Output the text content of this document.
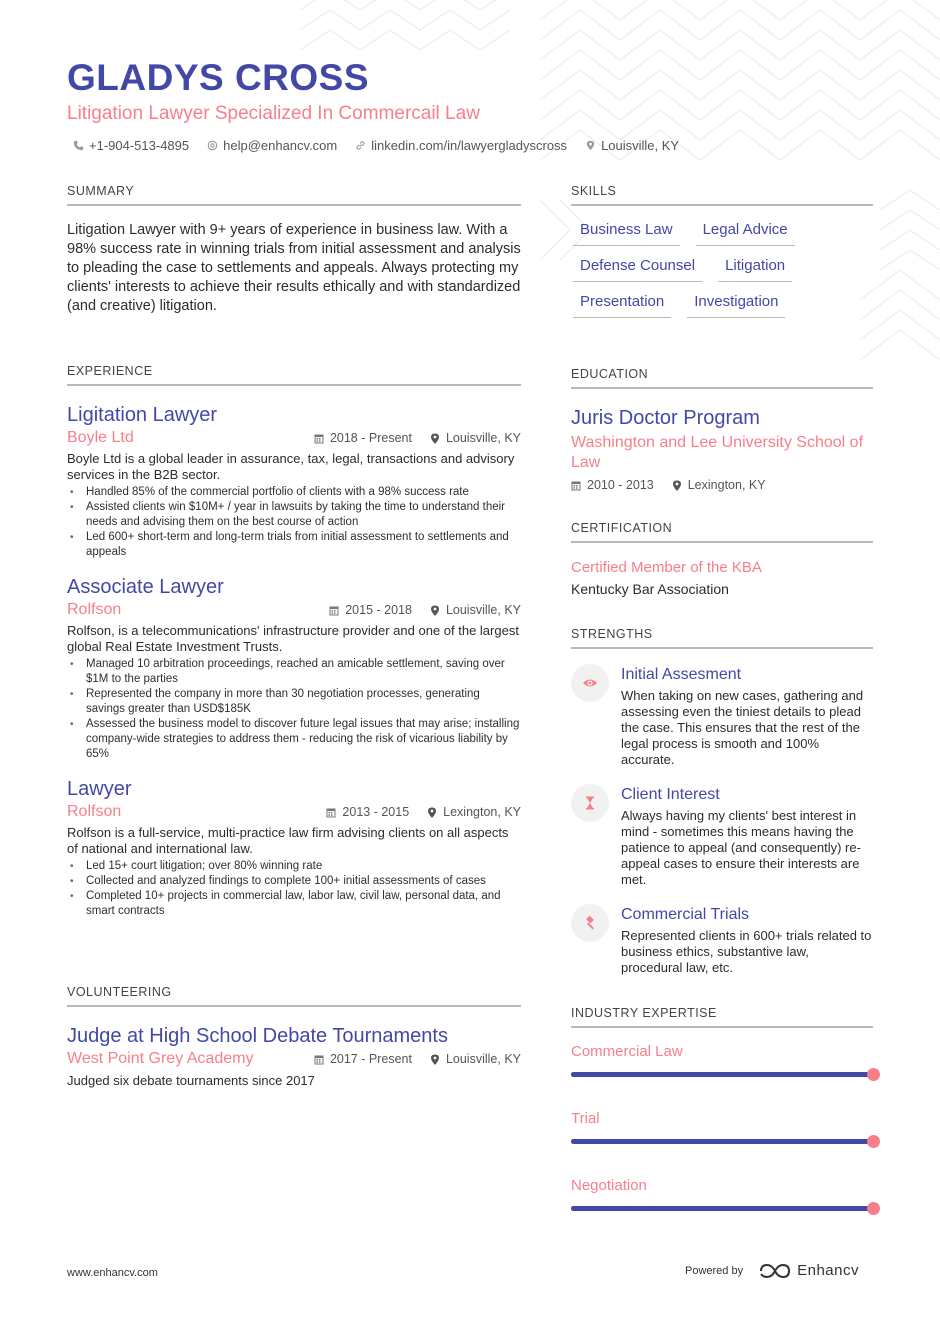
GLADYS CROSS
Litigation Lawyer Specialized In Commercail Law
+1-904-513-4895	help@enhancv.com	linkedin.com/in/lawyergladyscross	Louisville, KY
SUMMARY
Litigation Lawyer with 9+ years of experience in business law. With a 98% success rate in winning trials from initial assessment and analysis to pleading the case to settlements and appeals. Always protecting my clients' interests to achieve their results ethically and with standardized (and creative) litigation.
EXPERIENCE
Ligitation Lawyer
Boyle Ltd	2018 - Present	Louisville, KY
Boyle Ltd is a global leader in assurance, tax, legal, transactions and advisory services in the B2B sector.
• Handled 85% of the commercial portfolio of clients with a 98% success rate
• Assisted clients win $10M+ / year in lawsuits by taking the time to understand their needs and advising them on the best course of action
• Led 600+ short-term and long-term trials from initial assessment to settlements and appeals
Associate Lawyer
Rolfson	2015 - 2018	Louisville, KY
Rolfson, is a telecommunications' infrastructure provider and one of the largest global Real Estate Investment Trusts.
• Managed 10 arbitration proceedings, reached an amicable settlement, saving over $1M to the parties
• Represented the company in more than 30 negotiation processes, generating savings greater than USD$185K
• Assessed the business model to discover future legal issues that may arise; installing company-wide strategies to address them - reducing the risk of vicarious liability by 65%
Lawyer
Rolfson	2013 - 2015	Lexington, KY
Rolfson is a full-service, multi-practice law firm advising clients on all aspects of national and international law.
• Led 15+ court litigation; over 80% winning rate
• Collected and analyzed findings to complete 100+ initial assessments of cases
• Completed 10+ projects in commercial law, labor law, civil law, personal data, and smart contracts
VOLUNTEERING
Judge at High School Debate Tournaments
West Point Grey Academy	2017 - Present	Louisville, KY
Judged six debate tournaments since 2017
SKILLS
Business Law	Legal Advice
Defense Counsel	Litigation
Presentation	Investigation
EDUCATION
Juris Doctor Program
Washington and Lee University School of Law
2010 - 2013	Lexington, KY
CERTIFICATION
Certified Member of the KBA
Kentucky Bar Association
STRENGTHS
Initial Assesment
When taking on new cases, gathering and assessing even the tiniest details to plead the case. This ensures that the rest of the legal process is smooth and 100% accurate.
Client Interest
Always having my clients' best interest in mind - sometimes this means having the patience to appeal (and consequently) re-appeal cases to ensure their interests are met.
Commercial Trials
Represented clients in 600+ trials related to business ethics, substantive law, procedural law, etc.
INDUSTRY EXPERTISE
Commercial Law
Trial
Negotiation
www.enhancv.com	Powered by	Enhancv
